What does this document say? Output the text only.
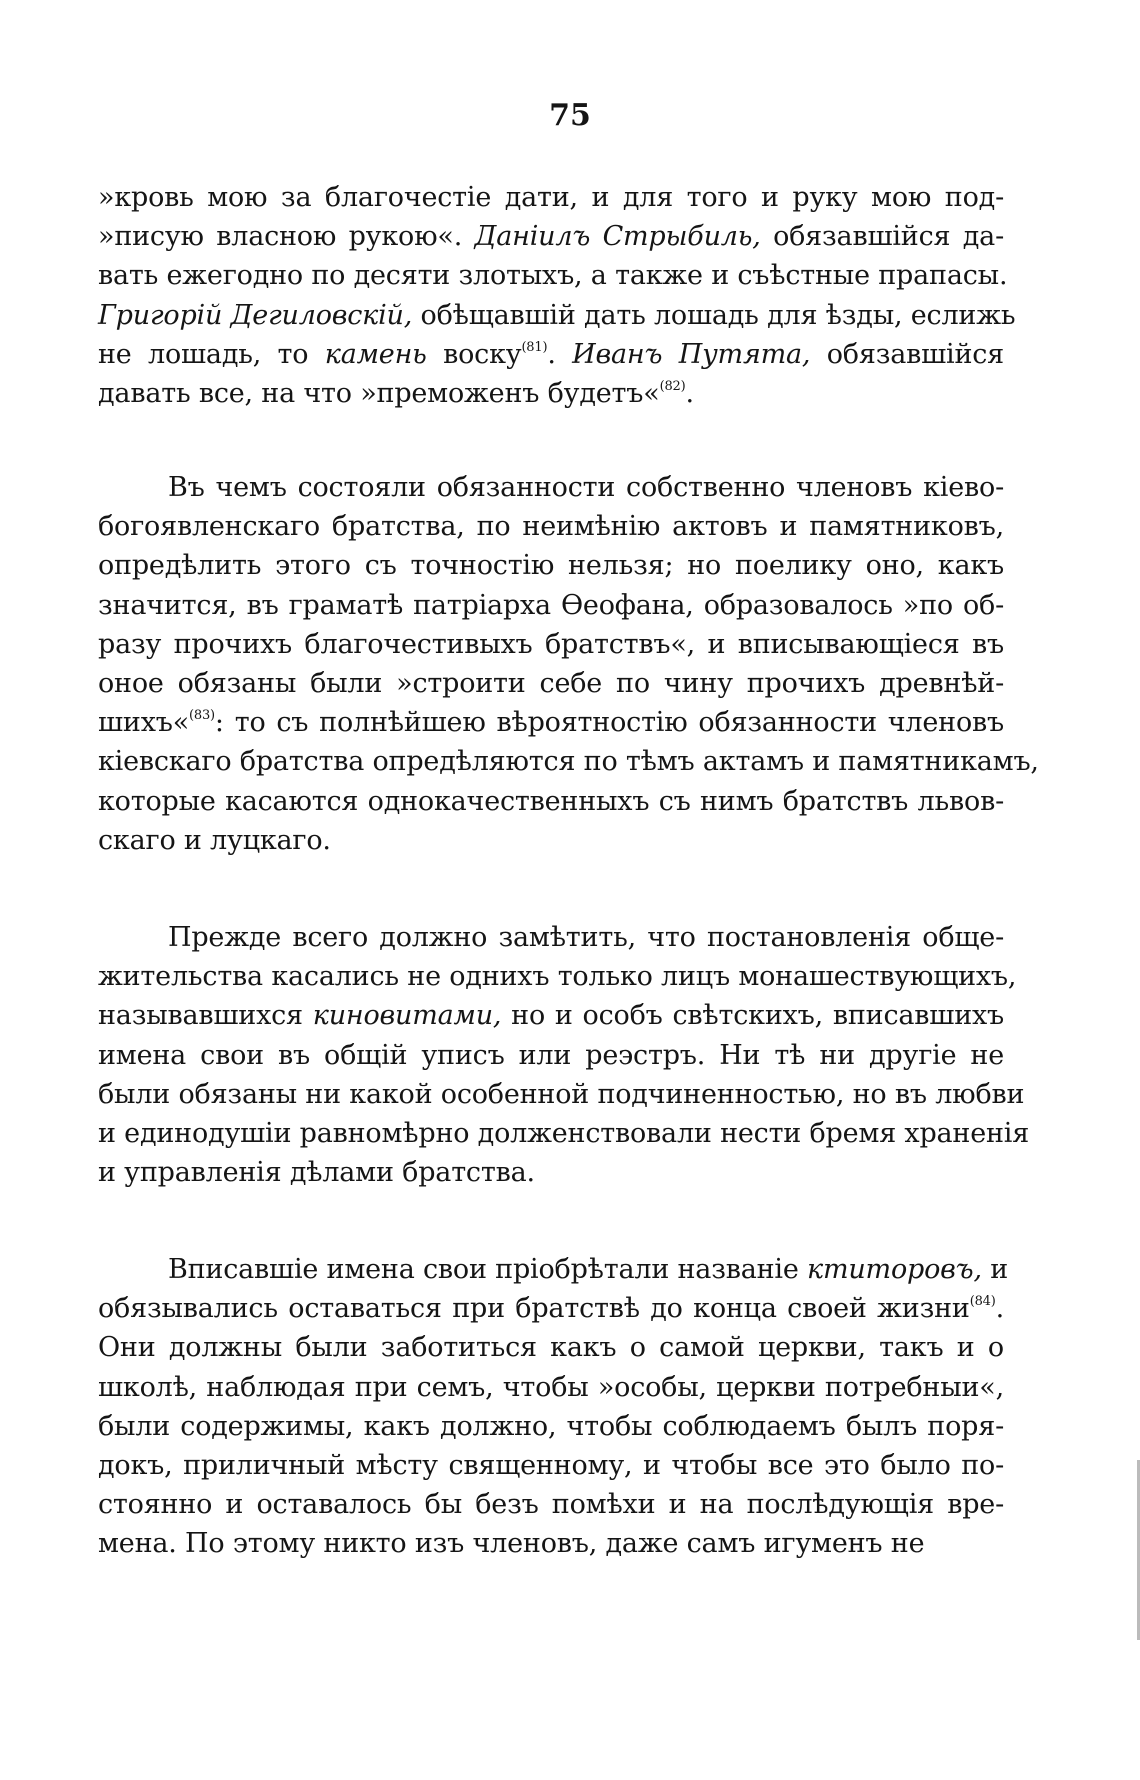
75
»кровь мою за благочестіе дати, и для того и руку мою под-
»писую власною рукою«. Даніилъ Стрыбиль, обязавшійся да-
вать ежегодно по десяти злотыхъ, а также и съѣстные прапасы.
Григорій Дегиловскій, обѣщавшій дать лошадь для ѣзды, еслижь
не лошадь, то камень воску$^{(81)}$. Иванъ Путята, обязавшійся
давать все, на что »преможенъ будетъ«$^{(82)}$.
Въ чемъ состояли обязанности собственно членовъ кіево-
богоявленскаго братства, по неимѣнію актовъ и памятниковъ,
опредѣлить этого съ точностію нельзя; но поелику оно, какъ
значится, въ граматѣ патріарха Ѳеофана, образовалось »по об-
разу прочихъ благочестивыхъ братствъ«, и вписывающіеся въ
оное обязаны были »строити себе по чину прочихъ древнѣй-
шихъ«$^{(83)}$: то съ полнѣйшею вѣроятностію обязанности членовъ
кіевскаго братства опредѣляются по тѣмъ актамъ и памятникамъ,
которые касаются однокачественныхъ съ нимъ братствъ львов-
скаго и луцкаго.
Прежде всего должно замѣтить, что постановленія обще-
жительства касались не однихъ только лицъ монашествующихъ,
называвшихся киновитами, но и особъ свѣтскихъ, вписавшихъ
имена свои въ общій уписъ или реэстръ. Ни тѣ ни другіе не
были обязаны ни какой особенной подчиненностью, но въ любви
и единодушіи равномѣрно долженствовали нести бремя храненія
и управленія дѣлами братства.
Вписавшіе имена свои пріобрѣтали названіе ктиторовъ, и
обязывались оставаться при братствѣ до конца своей жизни$^{(84)}$.
Они должны были заботиться какъ о самой церкви, такъ и о
школѣ, наблюдая при семъ, чтобы »особы, церкви потребныи«,
были содержимы, какъ должно, чтобы соблюдаемъ былъ поря-
докъ, приличный мѣсту священному, и чтобы все это было по-
стоянно и оставалось бы безъ помѣхи и на послѣдующія вре-
мена. По этому никто изъ членовъ, даже самъ игуменъ не
